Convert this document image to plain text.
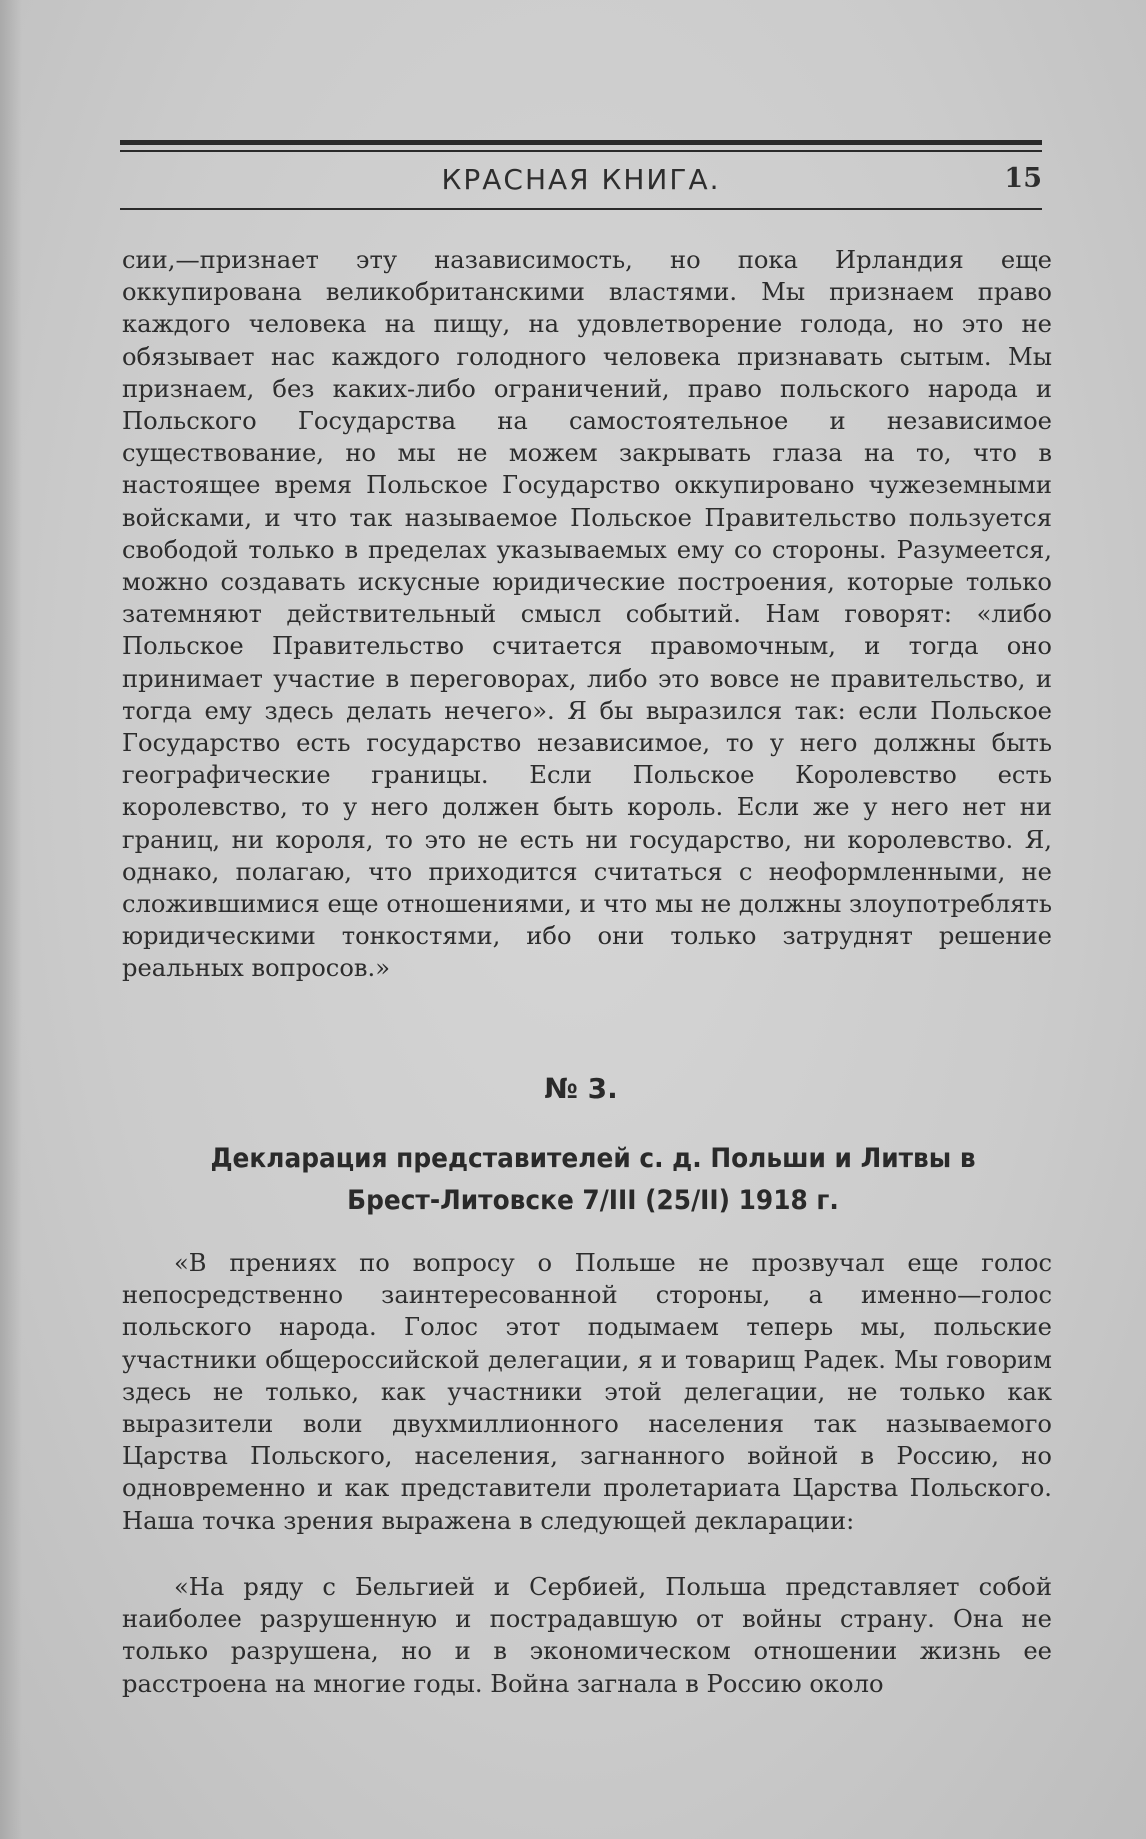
КРАСНАЯ КНИГА.	15

сии,—признает эту назависимость, но пока Ирландия еще оккупирована великобританскими властями. Мы признаем право каждого человека на пищу, на удовлетворение голода, но это не обязывает нас каждого голодного человека признавать сытым. Мы признаем, без каких-либо ограничений, право польского народа и Польского Государства на самостоятельное и независимое существование, но мы не можем закрывать глаза на то, что в настоящее время Польское Государство оккупировано чужеземными войсками, и что так называемое Польское Правительство пользуется свободой только в пределах указываемых ему со стороны. Разумеется, можно создавать искусные юридические построения, которые только затемняют действительный смысл событий. Нам говорят: «либо Польское Правительство считается правомочным, и тогда оно принимает участие в переговорах, либо это вовсе не правительство, и тогда ему здесь делать нечего». Я бы выразился так: если Польское Государство есть государство независимое, то у него должны быть географические границы. Если Польское Королевство есть королевство, то у него должен быть король. Если же у него нет ни границ, ни короля, то это не есть ни государство, ни королевство. Я, однако, полагаю, что приходится считаться с неоформленными, не сложившимися еще отношениями, и что мы не должны злоупотреблять юридическими тонкостями, ибо они только затруднят решение реальных вопросов.»

№ 3.
Декларация представителей с. д. Польши и Литвы в Брест-Литовске 7/III (25/II) 1918 г.

«В прениях по вопросу о Польше не прозвучал еще голос непосредственно заинтересованной стороны, а именно—голос польского народа. Голос этот подымаем теперь мы, польские участники общероссийской делегации, я и товарищ Радек. Мы говорим здесь не только, как участники этой делегации, не только как выразители воли двухмиллионного населения так называемого Царства Польского, населения, загнанного войной в Россию, но одновременно и как представители пролетариата Царства Польского. Наша точка зрения выражена в следующей декларации:

«На ряду с Бельгией и Сербией, Польша представляет собой наиболее разрушенную и пострадавшую от войны страну. Она не только разрушена, но и в экономическом отношении жизнь ее расстроена на многие годы. Война загнала в Россию около
